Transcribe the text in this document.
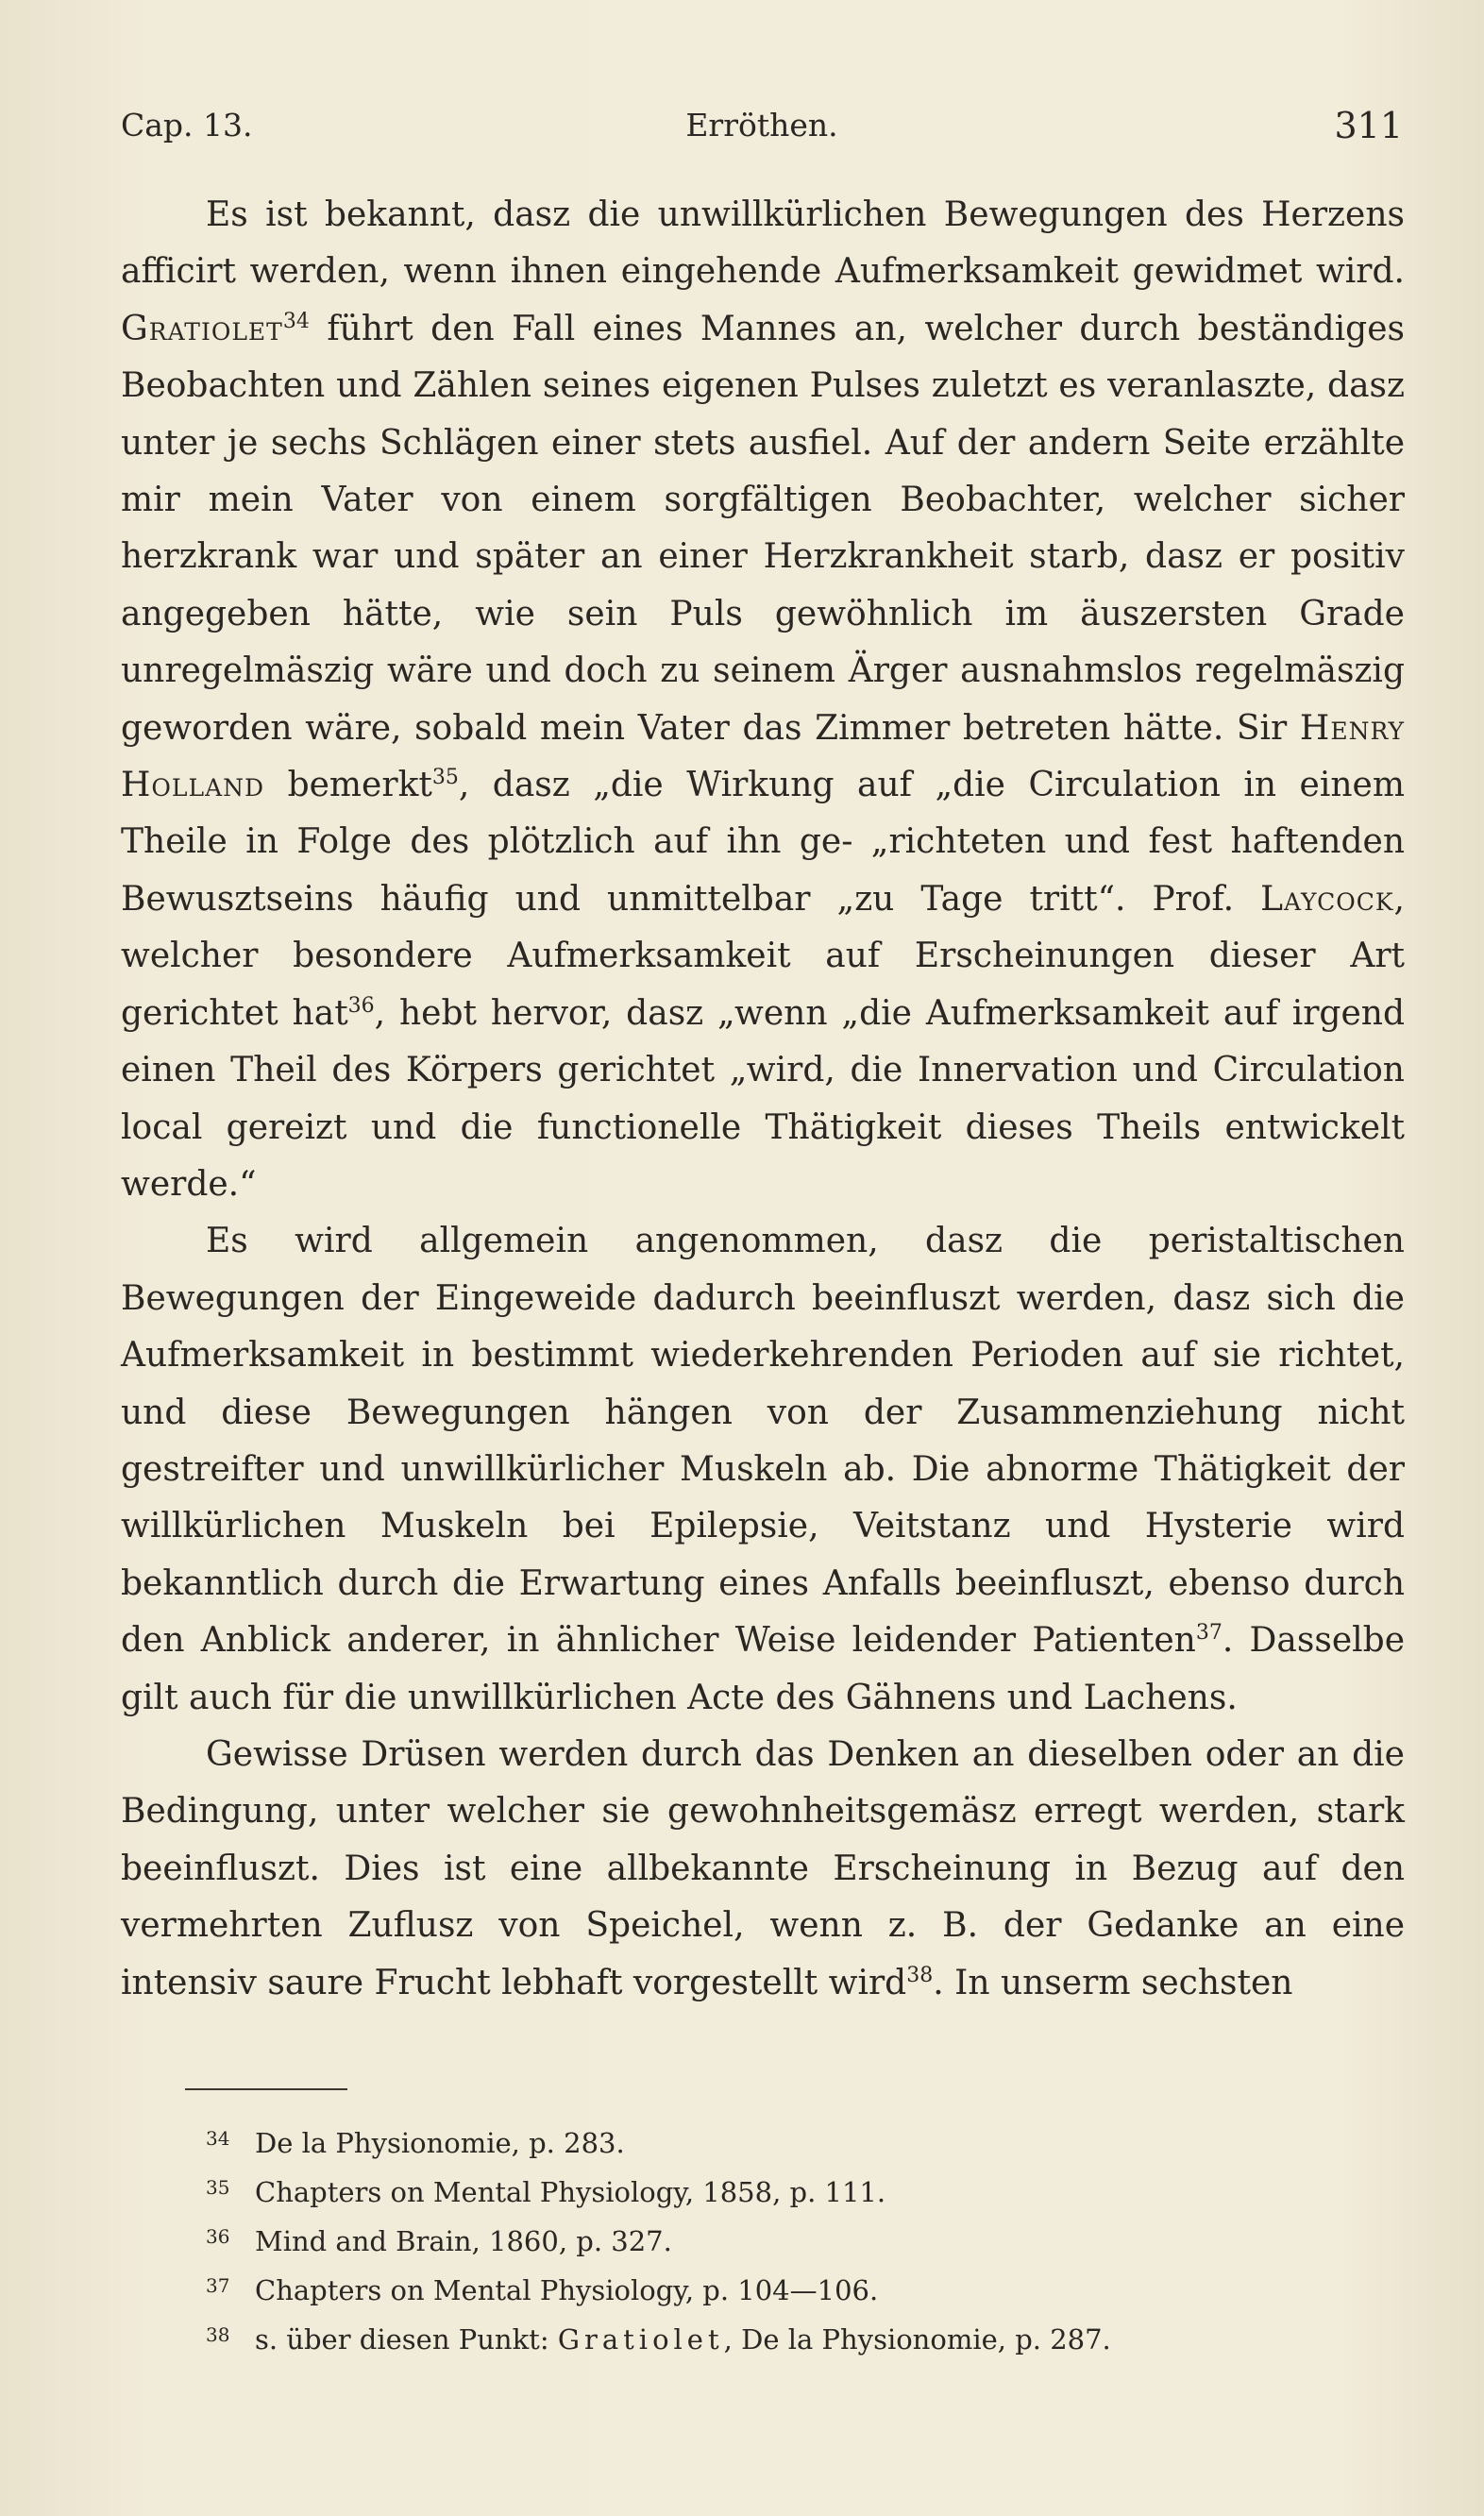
Cap. 13.	Erröthen.	311

Es ist bekannt, dasz die unwillkürlichen Bewegungen des Herzens afficirt werden, wenn ihnen eingehende Aufmerksamkeit gewidmet wird. Gratiolet$^{34}$ führt den Fall eines Mannes an, welcher durch beständiges Beobachten und Zählen seines eigenen Pulses zuletzt es veranlaszte, dasz unter je sechs Schlägen einer stets ausfiel. Auf der andern Seite erzählte mir mein Vater von einem sorgfältigen Beobachter, welcher sicher herzkrank war und später an einer Herzkrankheit starb, dasz er positiv angegeben hätte, wie sein Puls gewöhnlich im äuszersten Grade unregelmäszig wäre und doch zu seinem Ärger ausnahmslos regelmäszig geworden wäre, sobald mein Vater das Zimmer betreten hätte. Sir Henry Holland bemerkt$^{35}$, dasz „die Wirkung auf „die Circulation in einem Theile in Folge des plötzlich auf ihn ge- „richteten und fest haftenden Bewusztseins häufig und unmittelbar „zu Tage tritt“. Prof. Laycock, welcher besondere Aufmerksamkeit auf Erscheinungen dieser Art gerichtet hat$^{36}$, hebt hervor, dasz „wenn „die Aufmerksamkeit auf irgend einen Theil des Körpers gerichtet „wird, die Innervation und Circulation local gereizt und die functionelle Thätigkeit dieses Theils entwickelt werde.“

Es wird allgemein angenommen, dasz die peristaltischen Bewegungen der Eingeweide dadurch beeinfluszt werden, dasz sich die Aufmerksamkeit in bestimmt wiederkehrenden Perioden auf sie richtet, und diese Bewegungen hängen von der Zusammenziehung nicht gestreifter und unwillkürlicher Muskeln ab. Die abnorme Thätigkeit der willkürlichen Muskeln bei Epilepsie, Veitstanz und Hysterie wird bekanntlich durch die Erwartung eines Anfalls beeinfluszt, ebenso durch den Anblick anderer, in ähnlicher Weise leidender Patienten$^{37}$. Dasselbe gilt auch für die unwillkürlichen Acte des Gähnens und Lachens.

Gewisse Drüsen werden durch das Denken an dieselben oder an die Bedingung, unter welcher sie gewohnheitsgemäsz erregt werden, stark beeinfluszt. Dies ist eine allbekannte Erscheinung in Bezug auf den vermehrten Zuflusz von Speichel, wenn z. B. der Gedanke an eine intensiv saure Frucht lebhaft vorgestellt wird$^{38}$. In unserm sechsten

34 De la Physionomie, p. 283.
35 Chapters on Mental Physiology, 1858, p. 111.
36 Mind and Brain, 1860, p. 327.
37 Chapters on Mental Physiology, p. 104—106.
38 s. über diesen Punkt: Gratiolet, De la Physionomie, p. 287.
